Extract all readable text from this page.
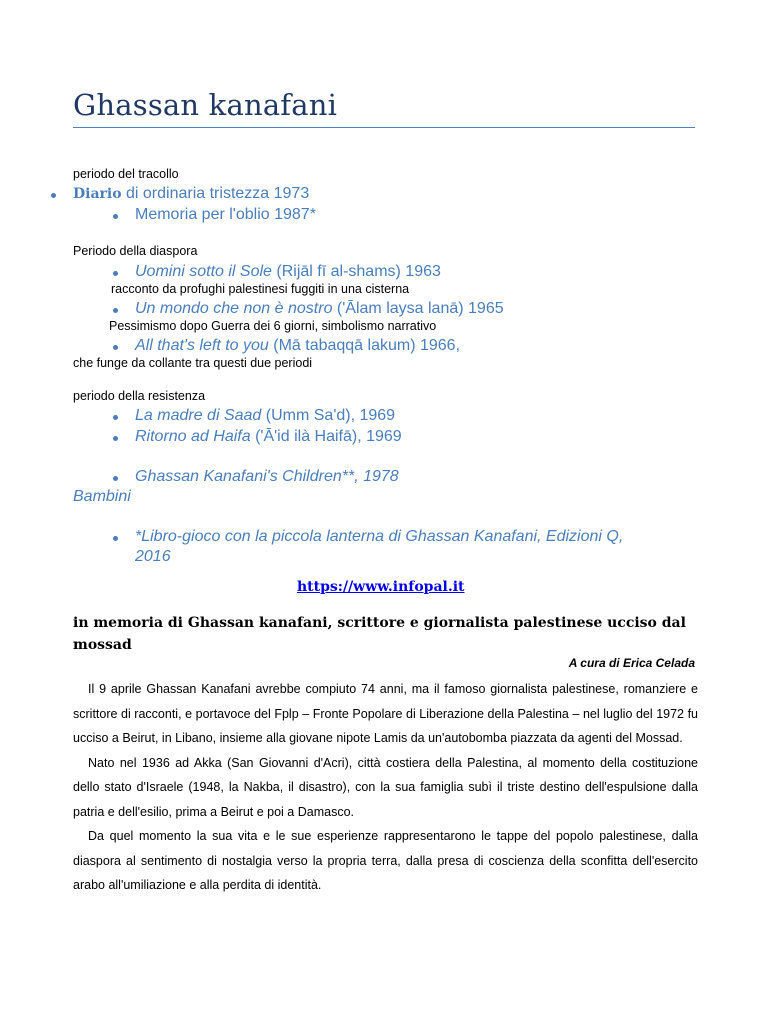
Ghassan kanafani
periodo del tracollo
Diario di ordinaria tristezza 1973
Memoria per l'oblio 1987*
Periodo della diaspora
Uomini sotto il Sole (Rijāl fī al-shams) 1963
racconto da profughi palestinesi fuggiti in una cisterna
Un mondo che non è nostro ('Ālam laysa lanā) 1965
Pessimismo dopo Guerra dei 6 giorni, simbolismo narrativo
All that's left to you (Mā tabaqqā lakum) 1966,
che funge da collante tra questi due periodi
periodo della resistenza
La madre di Saad (Umm Sa'd), 1969
Ritorno ad Haifa ('Ā'id ilà Haifā), 1969
Ghassan Kanafani's Children**, 1978
Bambini
*Libro-gioco con la piccola lanterna di Ghassan Kanafani, Edizioni Q,
2016
https://www.infopal.it
in memoria di Ghassan kanafani, scrittore e giornalista palestinese ucciso dal mossad
A cura di Erica Celada

Il 9 aprile Ghassan Kanafani avrebbe compiuto 74 anni, ma il famoso giornalista palestinese, romanziere e scrittore di racconti, e portavoce del Fplp – Fronte Popolare di Liberazione della Palestina – nel luglio del 1972 fu ucciso a Beirut, in Libano, insieme alla giovane nipote Lamis da un'autobomba piazzata da agenti del Mossad.

Nato nel 1936 ad Akka (San Giovanni d'Acri), città costiera della Palestina, al momento della costituzione dello stato d'Israele (1948, la Nakba, il disastro), con la sua famiglia subì il triste destino dell'espulsione dalla patria e dell'esilio, prima a Beirut e poi a Damasco.

Da quel momento la sua vita e le sue esperienze rappresentarono le tappe del popolo palestinese, dalla diaspora al sentimento di nostalgia verso la propria terra, dalla presa di coscienza della sconfitta dell'esercito arabo all'umiliazione e alla perdita di identità.
